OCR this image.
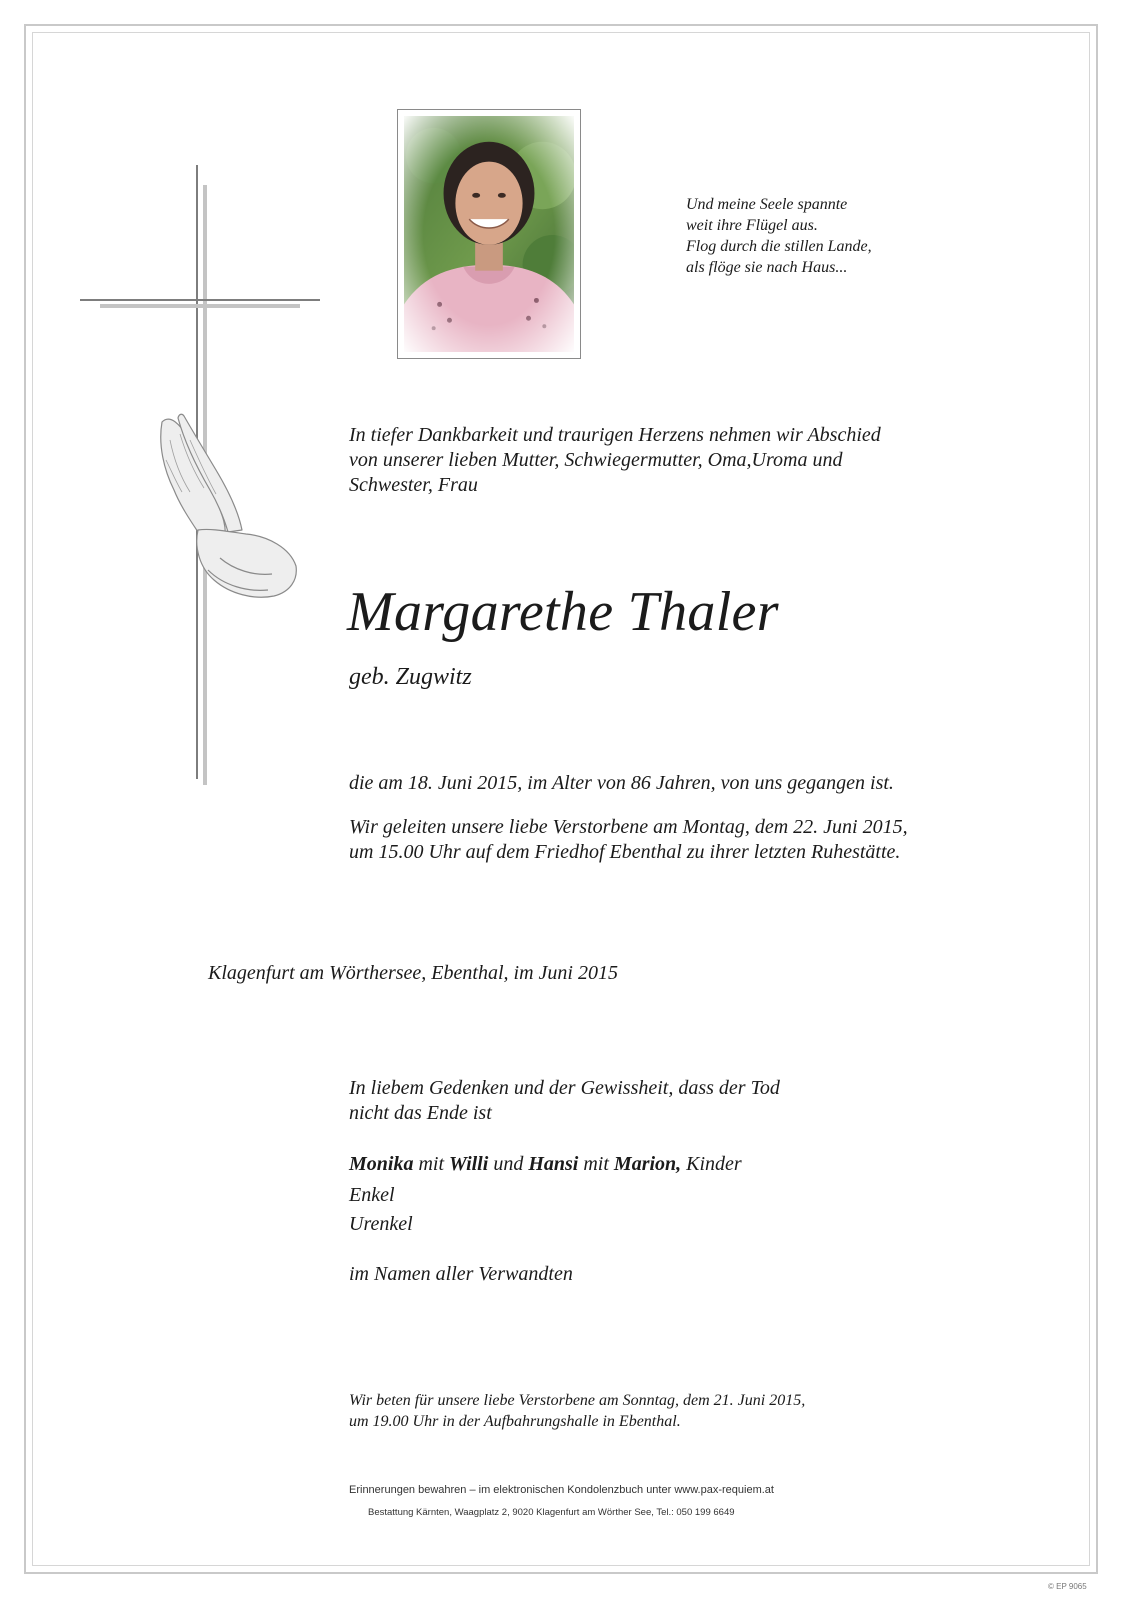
Und meine Seele spannte
weit ihre Flügel aus.
Flog durch die stillen Lande,
als flöge sie nach Haus...
In tiefer Dankbarkeit und traurigen Herzens nehmen wir Abschied
von unserer lieben Mutter, Schwiegermutter, Oma,Uroma und
Schwester, Frau
Margarethe Thaler
geb. Zugwitz
die am 18. Juni 2015, im Alter von 86 Jahren, von uns gegangen ist.
Wir geleiten unsere liebe Verstorbene am Montag, dem 22. Juni 2015,
um 15.00 Uhr auf dem Friedhof Ebenthal zu ihrer letzten Ruhestätte.
Klagenfurt am Wörthersee, Ebenthal, im Juni 2015
In liebem Gedenken und der Gewissheit, dass der Tod
nicht das Ende ist
Monika mit Willi und Hansi mit Marion, Kinder
Enkel
Urenkel
im Namen aller Verwandten
Wir beten für unsere liebe Verstorbene am Sonntag, dem 21. Juni 2015,
um 19.00 Uhr in der Aufbahrungshalle in Ebenthal.
Erinnerungen bewahren – im elektronischen Kondolenzbuch unter www.pax-requiem.at
Bestattung Kärnten, Waagplatz 2, 9020 Klagenfurt am Wörther See, Tel.: 050 199 6649
© EP 9065
